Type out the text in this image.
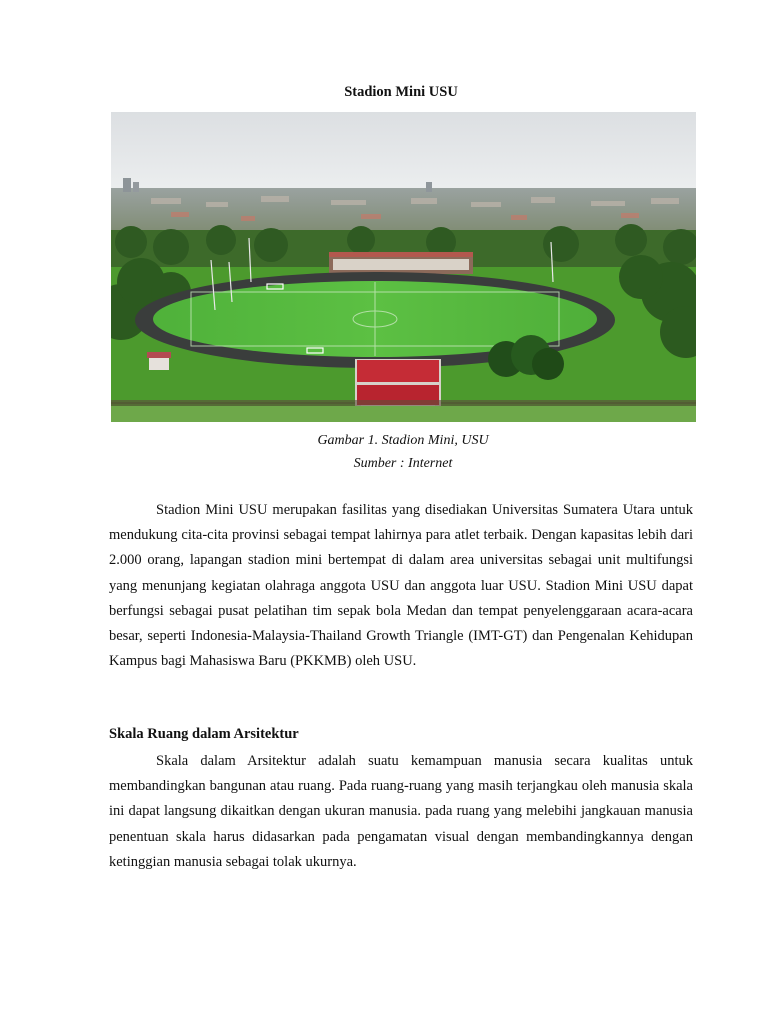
Stadion Mini USU
Gambar 1. Stadion Mini, USU
Sumber : Internet

Stadion Mini USU merupakan fasilitas yang disediakan Universitas Sumatera Utara untuk mendukung cita-cita provinsi sebagai tempat lahirnya para atlet terbaik. Dengan kapasitas lebih dari 2.000 orang, lapangan stadion mini bertempat di dalam area universitas sebagai unit multifungsi yang menunjang kegiatan olahraga anggota USU dan anggota luar USU. Stadion Mini USU dapat berfungsi sebagai pusat pelatihan tim sepak bola Medan dan tempat penyelenggaraan acara-acara besar, seperti Indonesia-Malaysia-Thailand Growth Triangle (IMT-GT) dan Pengenalan Kehidupan Kampus bagi Mahasiswa Baru (PKKMB) oleh USU.

Skala Ruang dalam Arsitektur

Skala dalam Arsitektur adalah suatu kemampuan manusia secara kualitas untuk membandingkan bangunan atau ruang. Pada ruang-ruang yang masih terjangkau oleh manusia skala ini dapat langsung dikaitkan dengan ukuran manusia. pada ruang yang melebihi jangkauan manusia penentuan skala harus didasarkan pada pengamatan visual dengan membandingkannya dengan ketinggian manusia sebagai tolak ukurnya.
